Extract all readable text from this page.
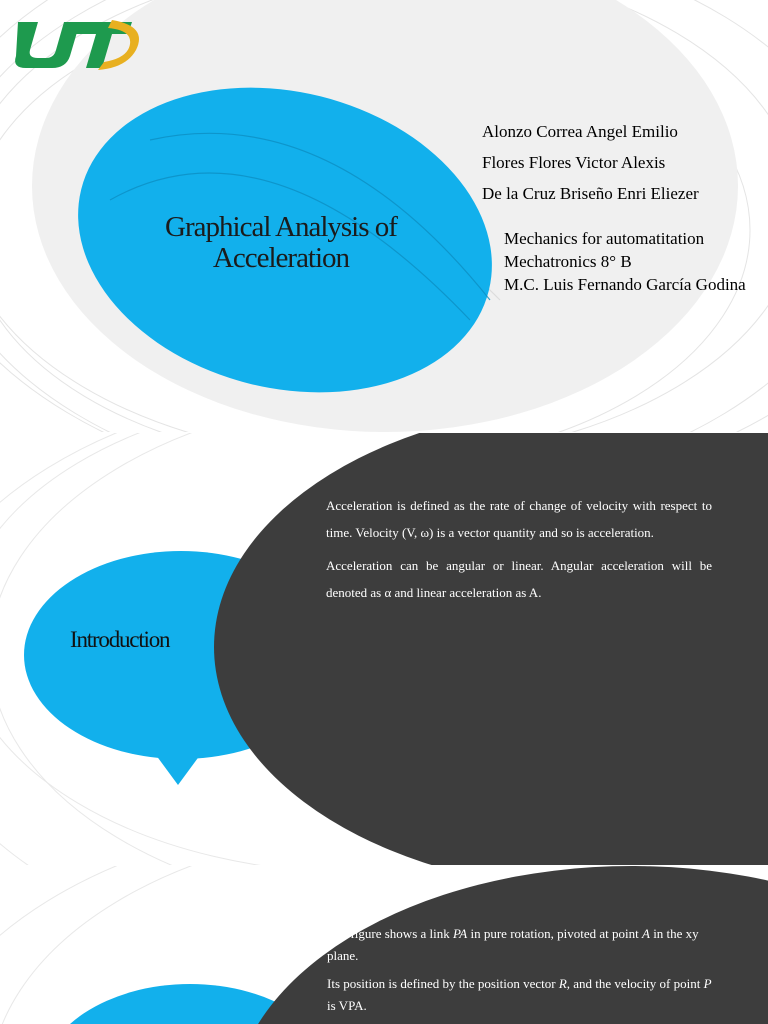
Graphical Analysis of Acceleration
Alonzo Correa Angel Emilio
Flores Flores Victor Alexis
De la Cruz Briseño Enri Eliezer
Mechanics for automatitation
Mechatronics 8° B
M.C. Luis Fernando García Godina
Introduction

Acceleration is defined as the rate of change of velocity with respect to time. Velocity (V, ω) is a vector quantity and so is acceleration.

Acceleration can be angular or linear. Angular acceleration will be denoted as α and linear acceleration as A.

The figure shows a link PA in pure rotation, pivoted at point A in the xy plane.

Its position is defined by the position vector R, and the velocity of point P is VPA.
